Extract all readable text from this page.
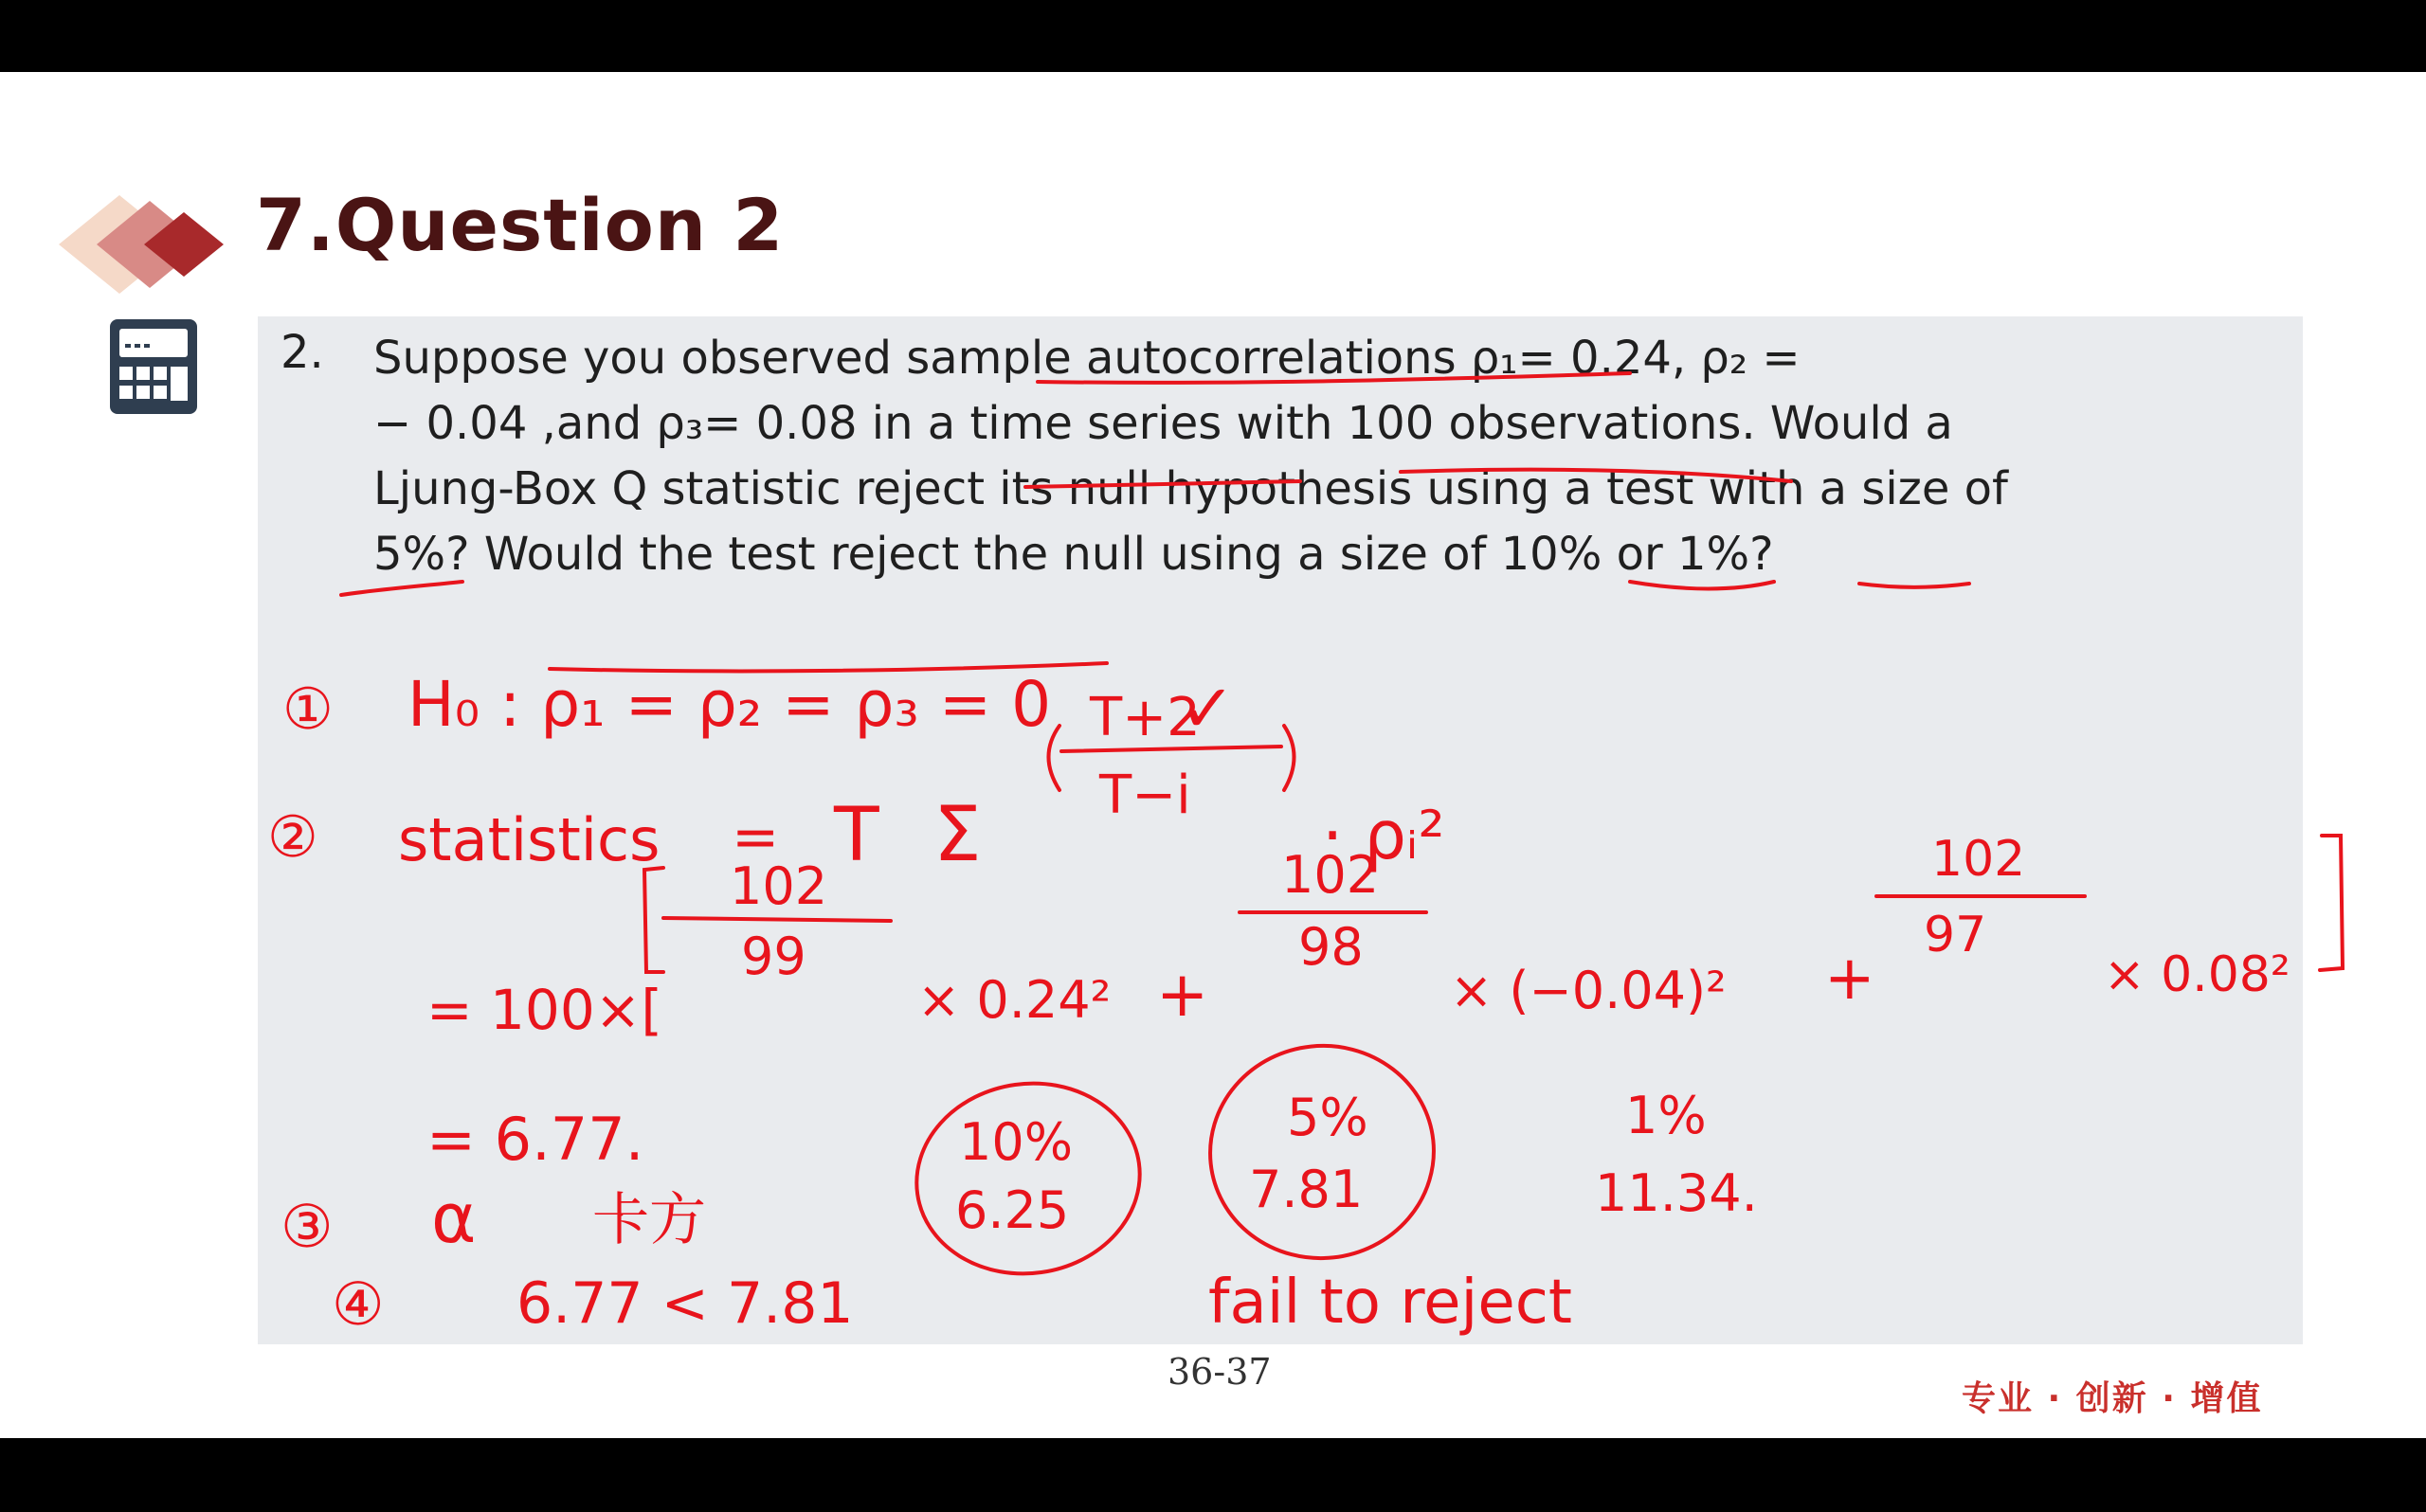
7.Question 2

2. Suppose you observed sample autocorrelations ρ₁= 0.24, ρ₂ =
− 0.04 ,and ρ₃= 0.08 in a time series with 100 observations. Would a
Ljung-Box Q statistic reject its null hypothesis using a test with a size of
5%? Would the test reject the null using a size of 10% or 1%?
① H₀ : ρ₁ = ρ₂ = ρ₃ = 0 ✓
② statistics = T Σ
T+2
T−i
· ρᵢ²
= 100×[
102
99
× 0.24² +
102
98
× (−0.04)² +
102
97
× 0.08²
]
= 6.77.
③ α 卡方
10%
6.25
5%
7.81
1%
11.34.
④ 6.77 < 7.81	fail to reject

36-37

专业 · 创新 · 增值
